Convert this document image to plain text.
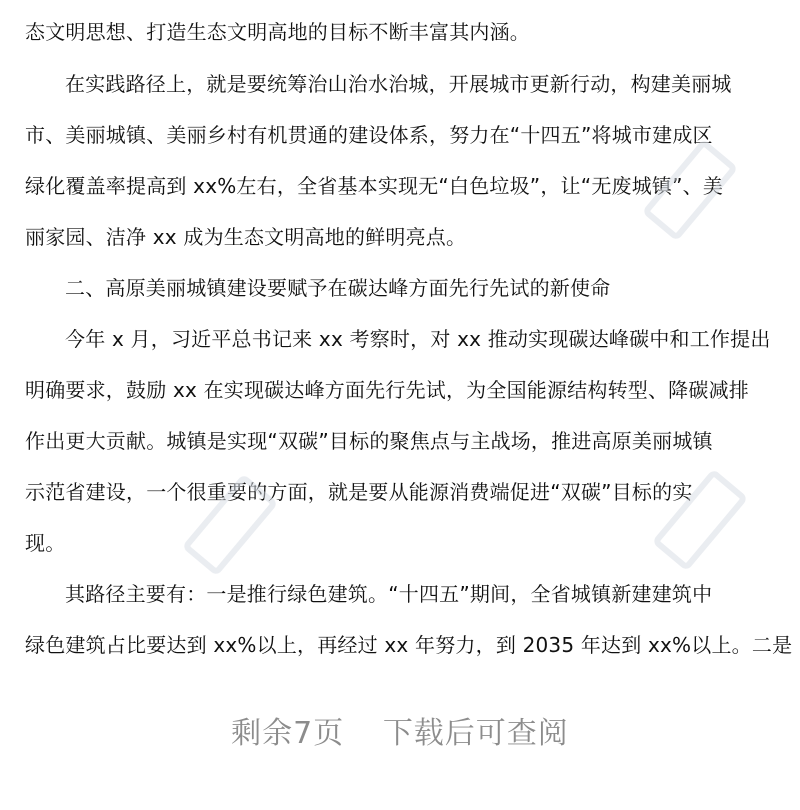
态文明思想、打造生态文明高地的目标不断丰富其内涵。
在实践路径上，就是要统筹治山治水治城，开展城市更新行动，构建美丽城
市、美丽城镇、美丽乡村有机贯通的建设体系，努力在“十四五”将城市建成区
绿化覆盖率提高到 xx%左右，全省基本实现无“白色垃圾”，让“无废城镇”、美
丽家园、洁净 xx 成为生态文明高地的鲜明亮点。
二、高原美丽城镇建设要赋予在碳达峰方面先行先试的新使命
今年 x 月，习近平总书记来 xx 考察时，对 xx 推动实现碳达峰碳中和工作提出
明确要求，鼓励 xx 在实现碳达峰方面先行先试，为全国能源结构转型、降碳减排
作出更大贡献。城镇是实现“双碳”目标的聚焦点与主战场，推进高原美丽城镇
示范省建设，一个很重要的方面，就是要从能源消费端促进“双碳”目标的实
现。
其路径主要有：一是推行绿色建筑。“十四五”期间，全省城镇新建建筑中
绿色建筑占比要达到 xx%以上，再经过 xx 年努力，到 2035 年达到 xx%以上。二是
剩余7页 下载后可查阅
